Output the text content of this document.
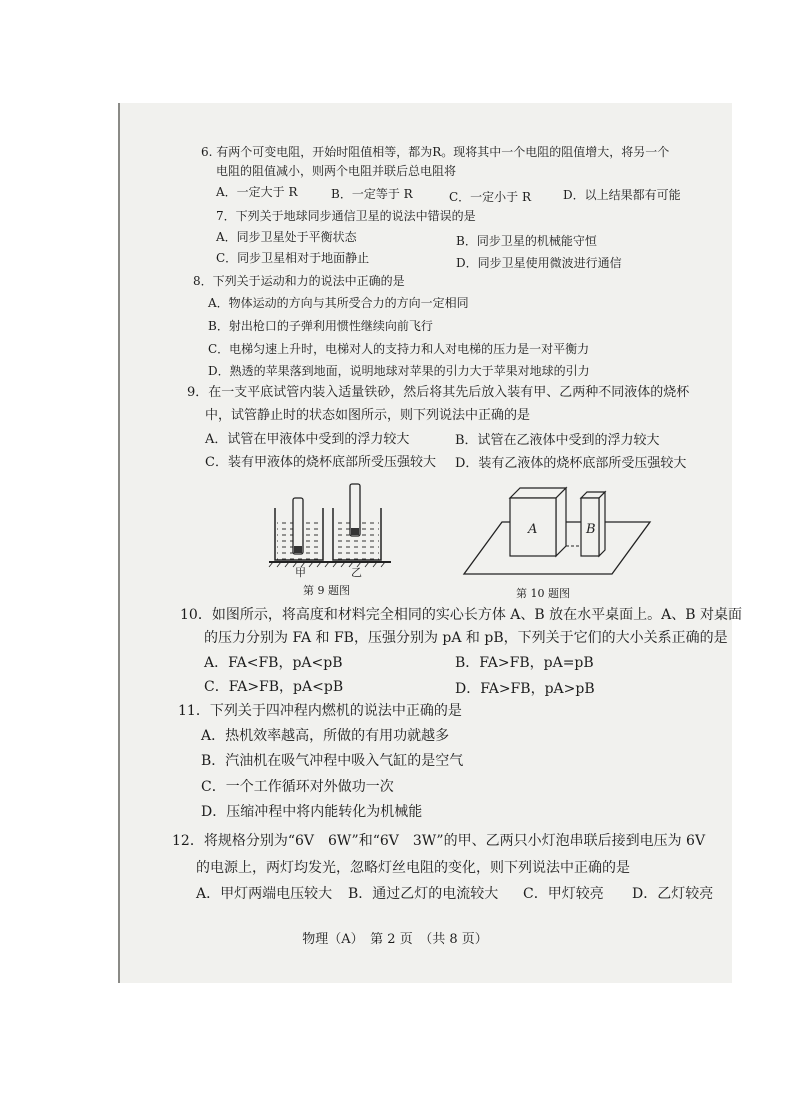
6. 有两个可变电阻，开始时阻值相等，都为R。现将其中一个电阻的阻值增大，将另一个
电阻的阻值减小，则两个电阻并联后总电阻将
A．一定大于 R	B．一定等于 R	C．一定小于 R	D．以上结果都有可能
7．下列关于地球同步通信卫星的说法中错误的是
A．同步卫星处于平衡状态	B．同步卫星的机械能守恒
C．同步卫星相对于地面静止	D．同步卫星使用微波进行通信
8．下列关于运动和力的说法中正确的是
A．物体运动的方向与其所受合力的方向一定相同
B．射出枪口的子弹利用惯性继续向前飞行
C．电梯匀速上升时，电梯对人的支持力和人对电梯的压力是一对平衡力
D．熟透的苹果落到地面，说明地球对苹果的引力大于苹果对地球的引力
9．在一支平底试管内装入适量铁砂，然后将其先后放入装有甲、乙两种不同液体的烧杯
中，试管静止时的状态如图所示，则下列说法中正确的是
A．试管在甲液体中受到的浮力较大	B．试管在乙液体中受到的浮力较大
C．装有甲液体的烧杯底部所受压强较大 D．装有乙液体的烧杯底部所受压强较大
甲	乙
第 9 题图
A	B
第 10 题图
10．如图所示，将高度和材料完全相同的实心长方体 A、B 放在水平桌面上。A、B 对桌面
的压力分别为 FA 和 FB，压强分别为 pA 和 pB，下列关于它们的大小关系正确的是
A．FA<FB，pA<pB	B．FA>FB，pA=pB
C．FA>FB，pA<pB	D．FA>FB，pA>pB
11．下列关于四冲程内燃机的说法中正确的是
A．热机效率越高，所做的有用功就越多
B．汽油机在吸气冲程中吸入气缸的是空气
C．一个工作循环对外做功一次
D．压缩冲程中将内能转化为机械能
12．将规格分别为“6V　6W”和“6V　3W”的甲、乙两只小灯泡串联后接到电压为 6V
的电源上，两灯均发光，忽略灯丝电阻的变化，则下列说法中正确的是
A．甲灯两端电压较大 B．通过乙灯的电流较大 C．甲灯较亮 D．乙灯较亮
物理（A）　第 2 页　（共 8 页）
